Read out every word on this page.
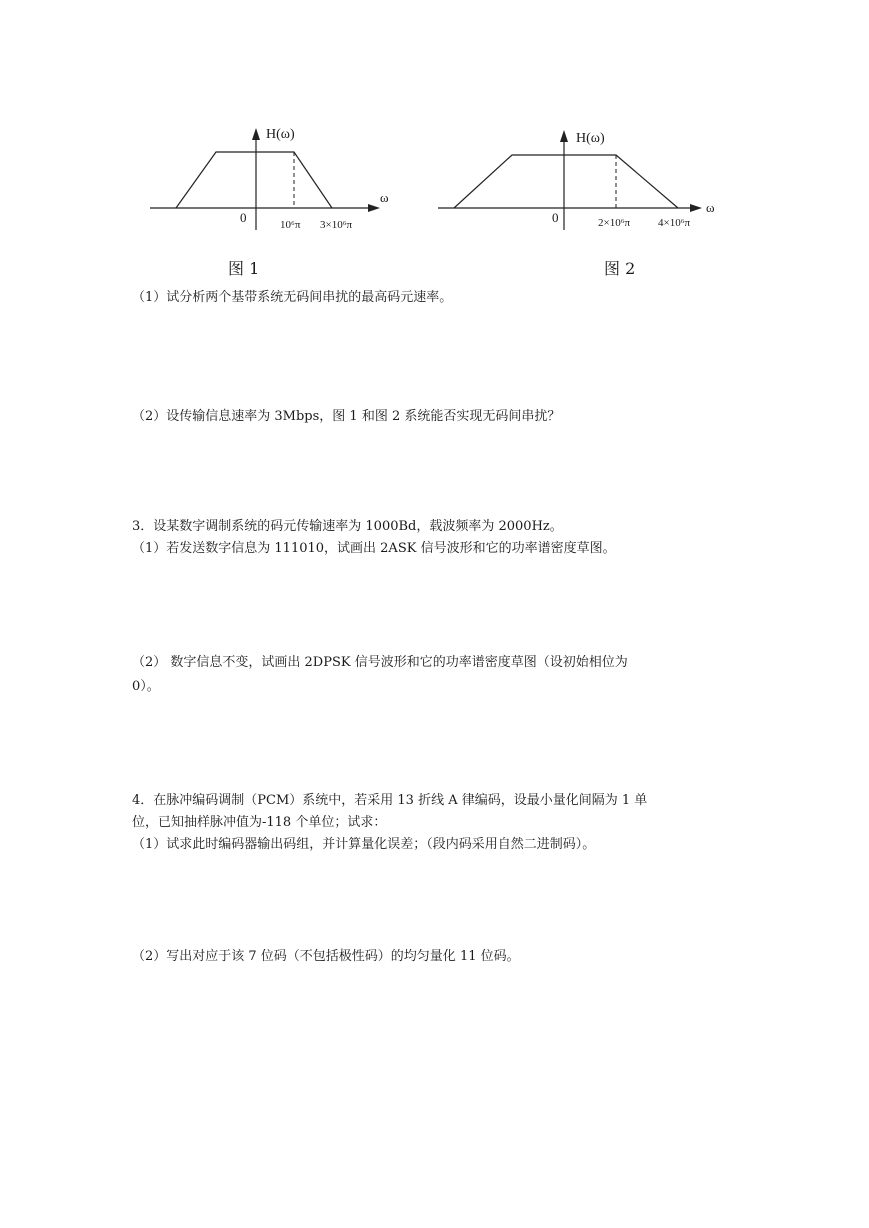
H(ω)
ω
0	10⁶π 3×10⁶π
图 1
H(ω)
ω
0	2×10⁶π	4×10⁶π
图 2
（1）试分析两个基带系统无码间串扰的最高码元速率。
（2）设传输信息速率为 3Mbps，图 1 和图 2 系统能否实现无码间串扰？
3．设某数字调制系统的码元传输速率为 1000Bd，载波频率为 2000Hz。
（1）若发送数字信息为 111010，试画出 2ASK 信号波形和它的功率谱密度草图。
（2） 数字信息不变，试画出 2DPSK 信号波形和它的功率谱密度草图（设初始相位为
0）。
4．在脉冲编码调制（PCM）系统中，若采用 13 折线 A 律编码，设最小量化间隔为 1 单
位，已知抽样脉冲值为-118 个单位；试求：
（1）试求此时编码器输出码组，并计算量化误差；（段内码采用自然二进制码）。
（2）写出对应于该 7 位码（不包括极性码）的均匀量化 11 位码。
